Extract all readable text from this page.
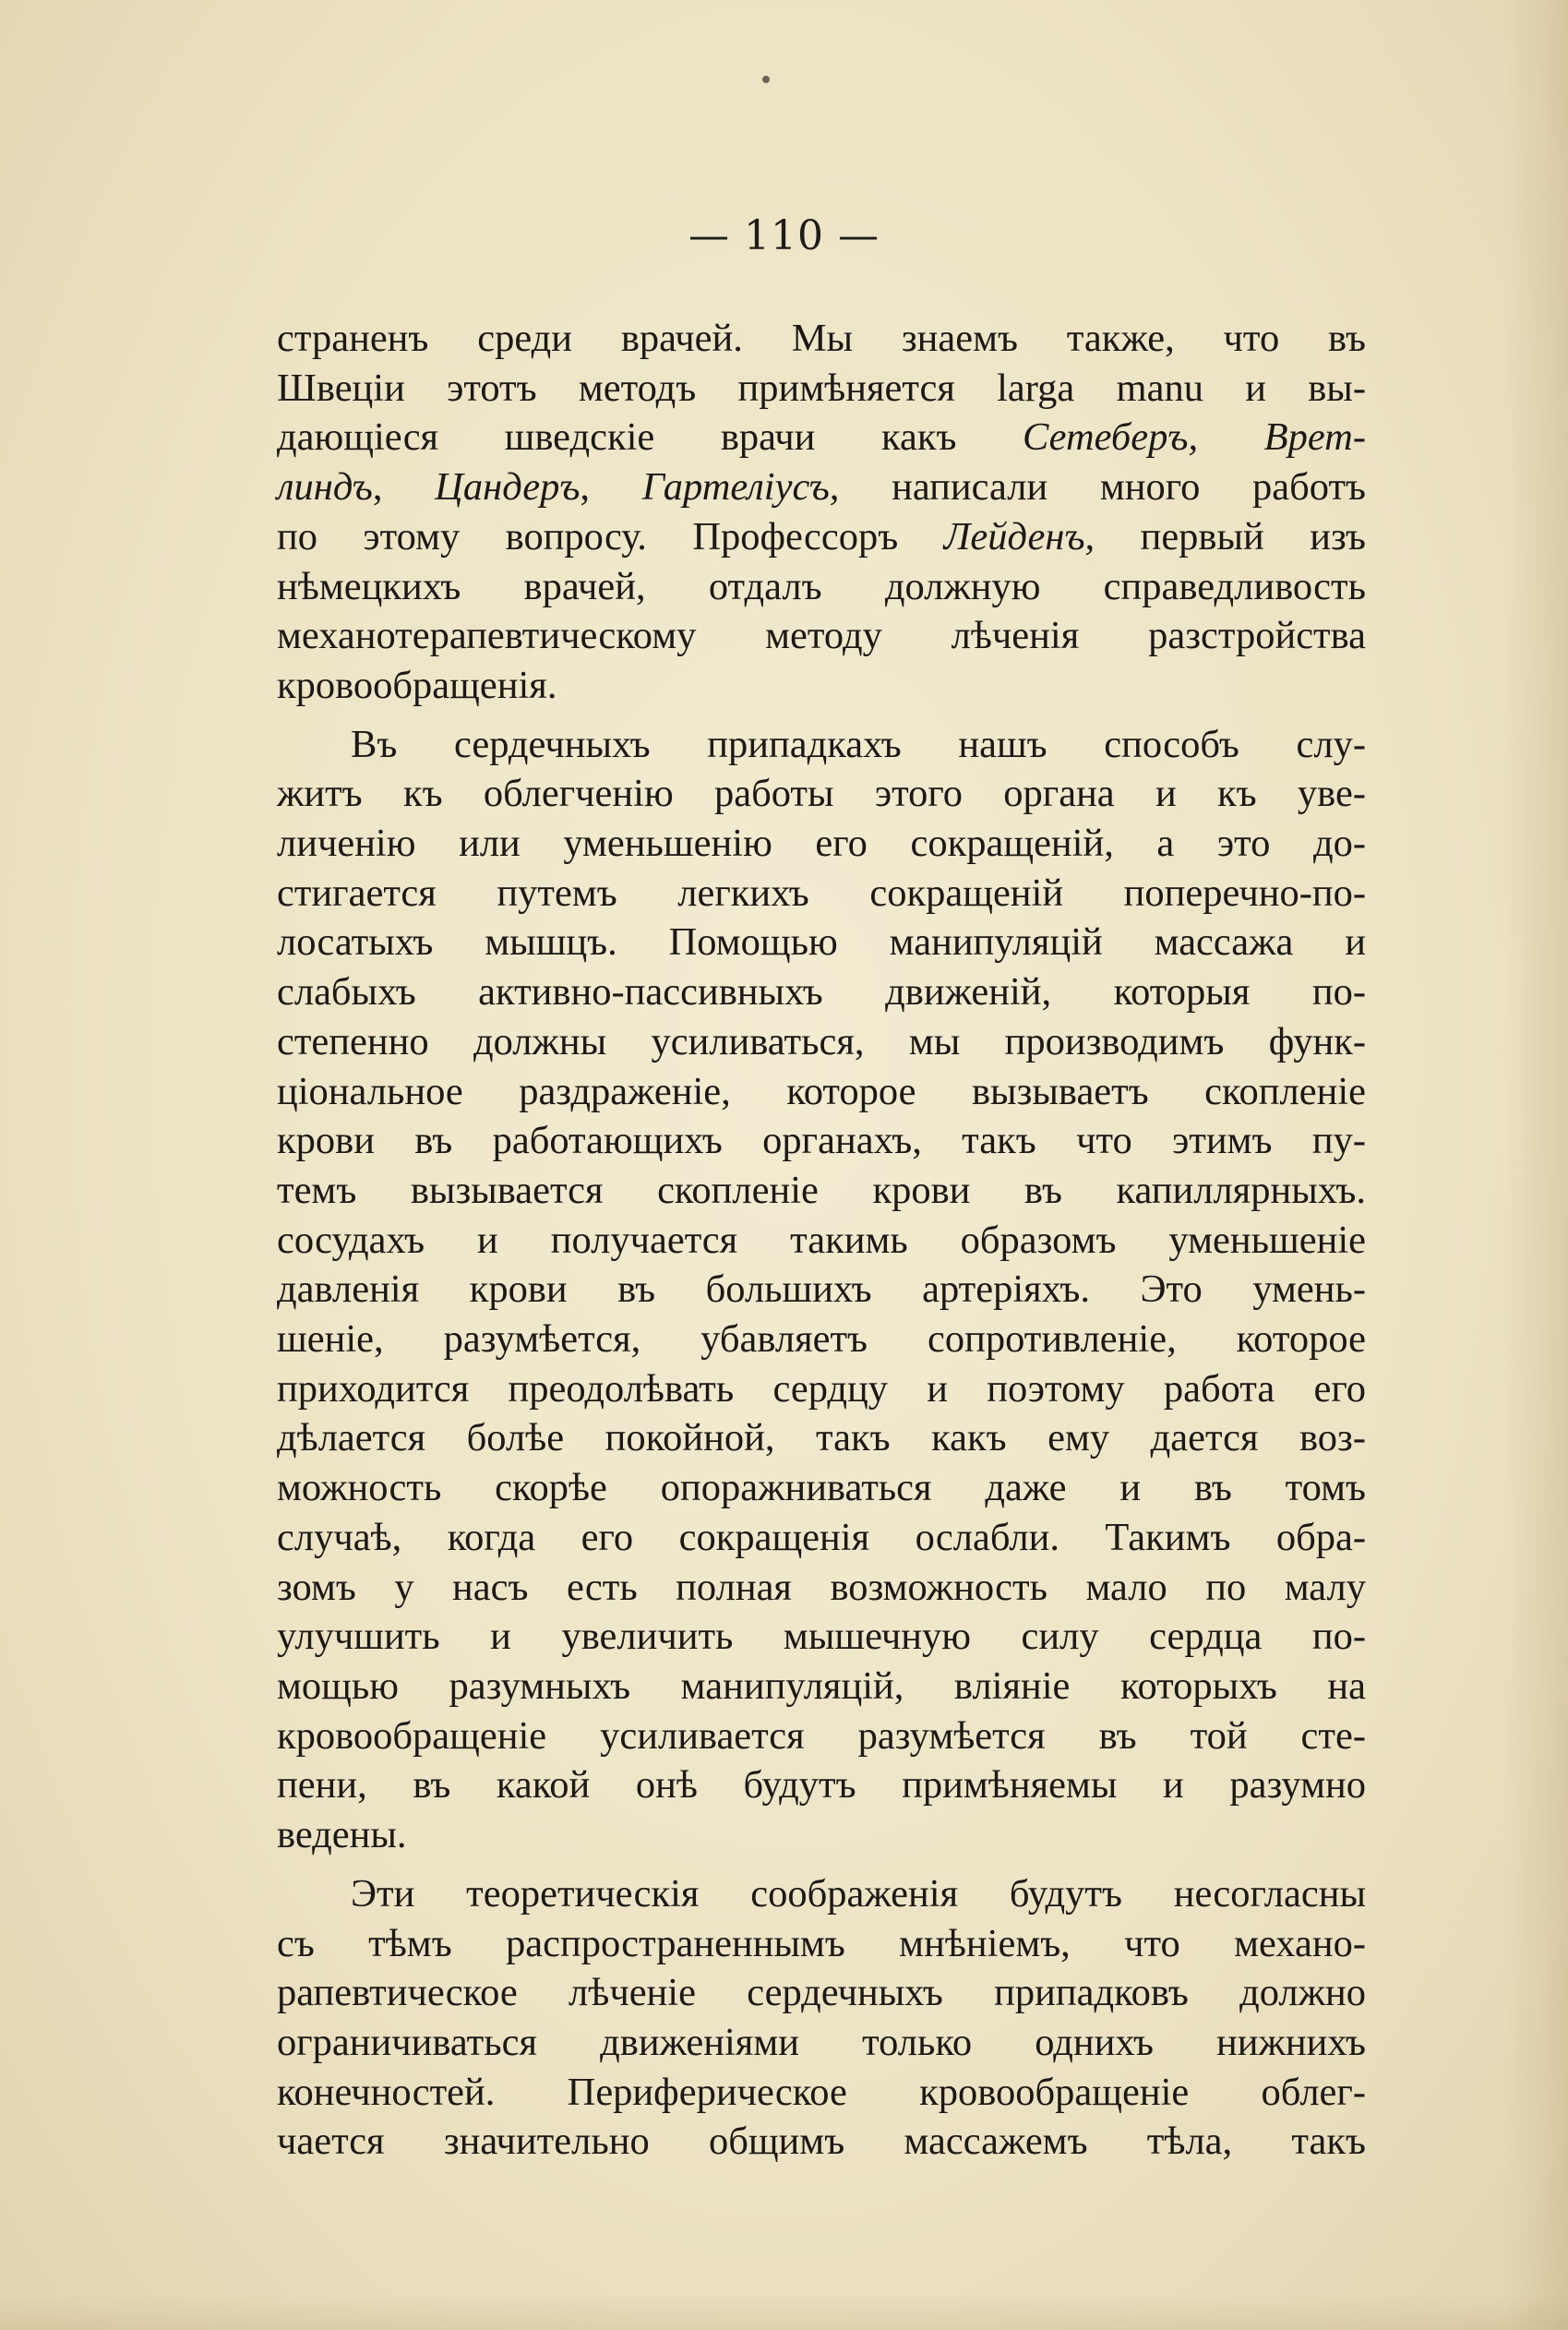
— 110 —
страненъ среди врачей. Мы знаемъ также, что въ
Швеціи этотъ методъ примѣняется larga manu и вы-
дающіеся шведскіе врачи какъ Сетеберъ, Врет-
линдъ, Цандеръ, Гартеліусъ, написали много работъ
по этому вопросу. Профессоръ Лейденъ, первый изъ
нѣмецкихъ врачей, отдалъ должную справедливость
механотерапевтическому методу лѣченія разстройства
кровообращенія.
Въ сердечныхъ припадкахъ нашъ способъ слу-
житъ къ облегченію работы этого органа и къ уве-
личенію или уменьшенію его сокращеній, а это до-
стигается путемъ легкихъ сокращеній поперечно-по-
лосатыхъ мышцъ. Помощью манипуляцій массажа и
слабыхъ активно-пассивныхъ движеній, которыя по-
степенно должны усиливаться, мы производимъ функ-
ціональное раздраженіе, которое вызываетъ скопленіе
крови въ работающихъ органахъ, такъ что этимъ пу-
темъ вызывается скопленіе крови въ капиллярныхъ.
сосудахъ и получается такимь образомъ уменьшеніе
давленія крови въ большихъ артеріяхъ. Это умень-
шеніе, разумѣется, убавляетъ сопротивленіе, которое
приходится преодолѣвать сердцу и поэтому работа его
дѣлается болѣе покойной, такъ какъ ему дается воз-
можность скорѣе опоражниваться даже и въ томъ
случаѣ, когда его сокращенія ослабли. Такимъ обра-
зомъ у насъ есть полная возможность мало по малу
улучшить и увеличить мышечную силу сердца по-
мощью разумныхъ манипуляцій, вліяніе которыхъ на
кровообращеніе усиливается разумѣется въ той сте-
пени, въ какой онѣ будутъ примѣняемы и разумно
ведены.
Эти теоретическія соображенія будутъ несогласны
съ тѣмъ распространеннымъ мнѣніемъ, что механо-
рапевтическое лѣченіе сердечныхъ припадковъ должно
ограничиваться движеніями только однихъ нижнихъ
конечностей. Периферическое кровообращеніе облег-
чается значительно общимъ массажемъ тѣла, такъ
